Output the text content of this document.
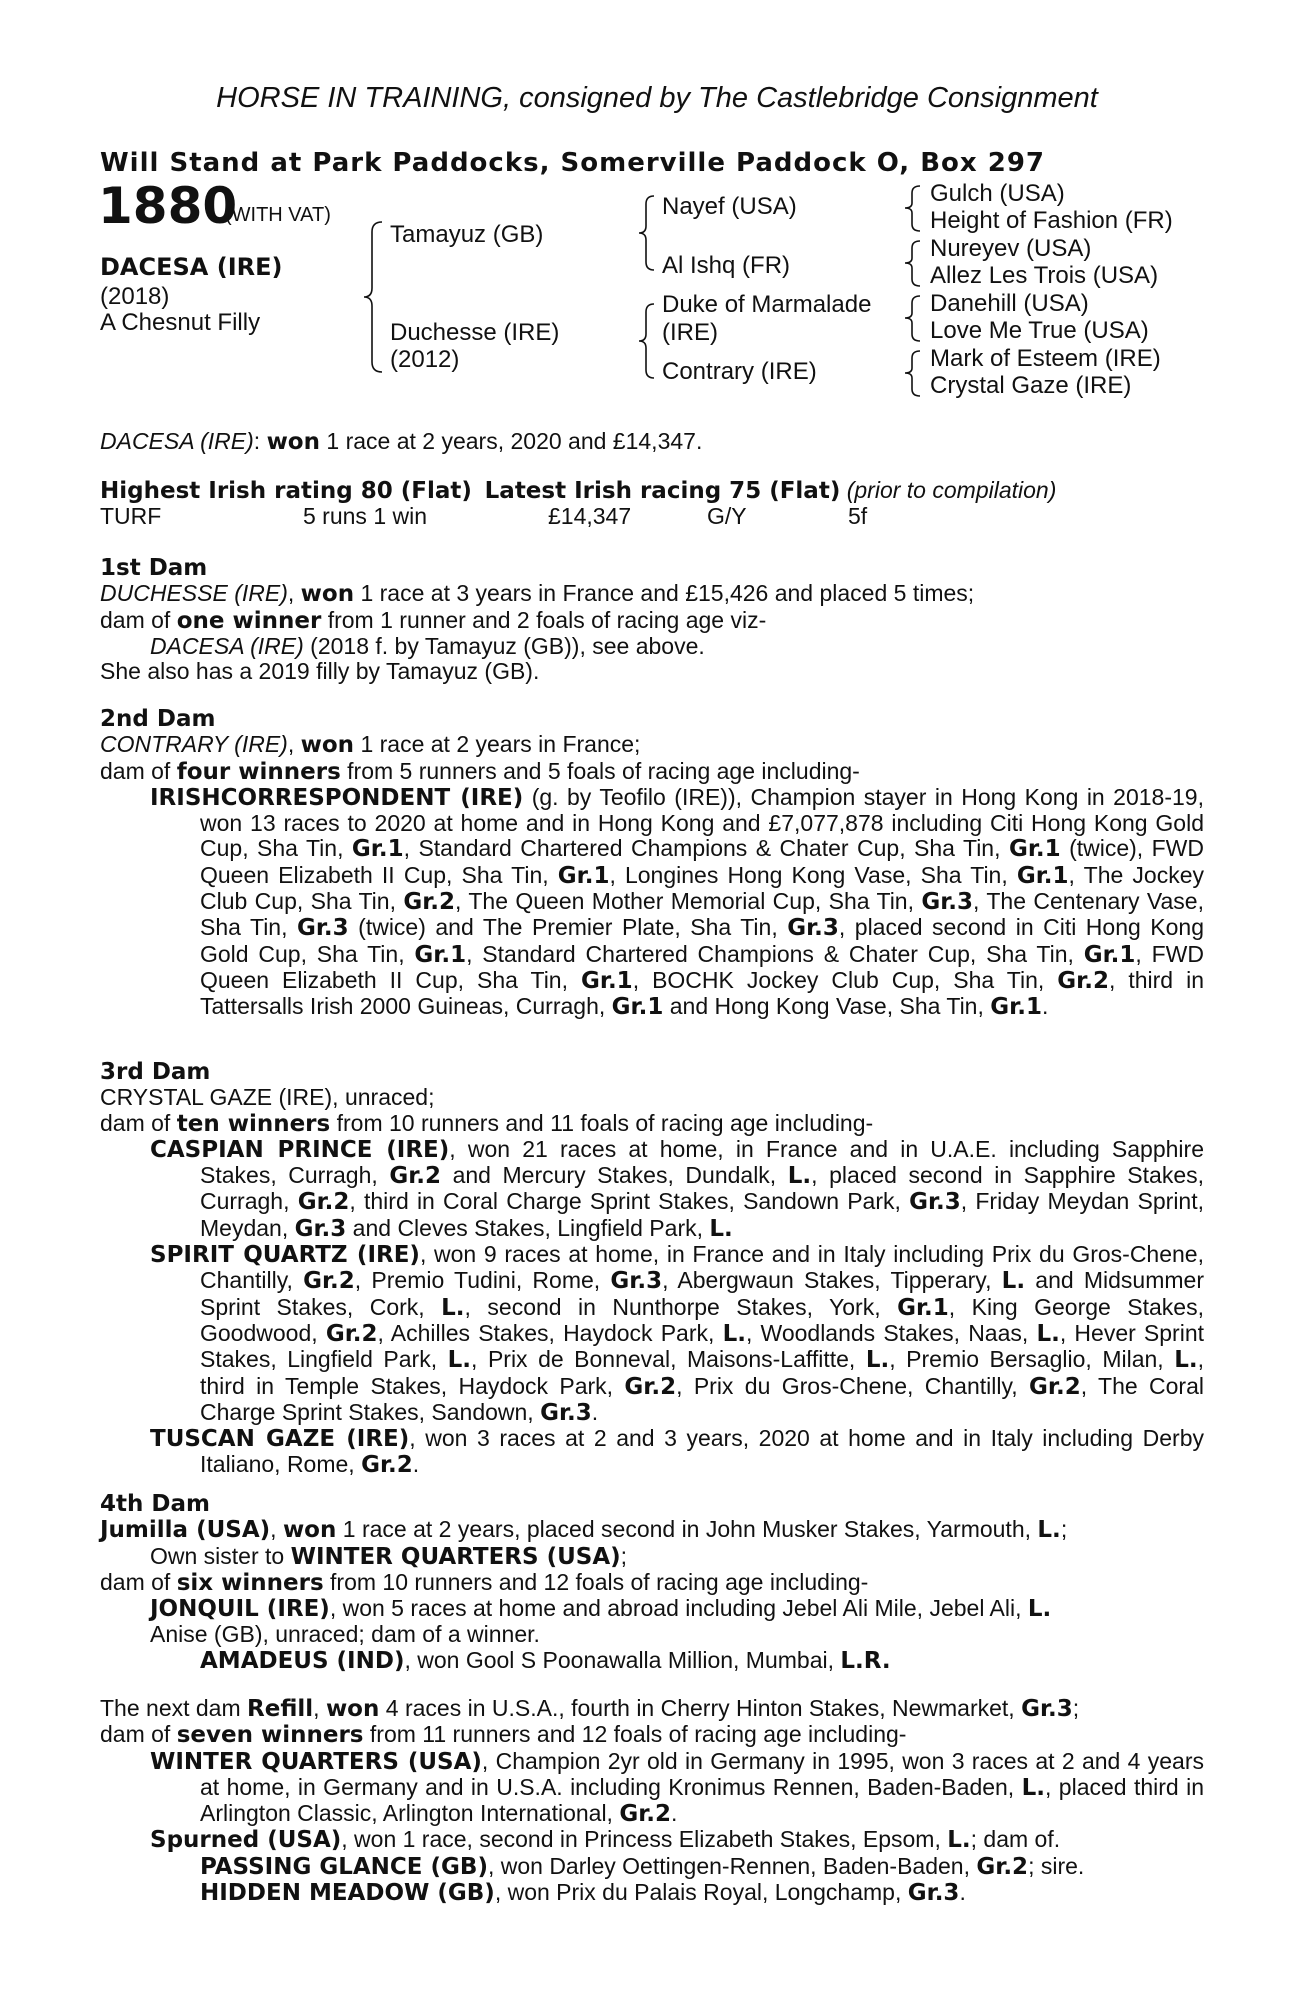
HORSE IN TRAINING, consigned by The Castlebridge Consignment
Will Stand at Park Paddocks, Somerville Paddock O, Box 297
1880
(WITH VAT)
DACESA (IRE)
(2018)
A Chesnut Filly
Tamayuz (GB)
Duchesse (IRE)
(2012)
Nayef (USA)
Al Ishq (FR)
Duke of Marmalade
(IRE)
Contrary (IRE)
Gulch (USA)
Height of Fashion (FR)
Nureyev (USA)
Allez Les Trois (USA)
Danehill (USA)
Love Me True (USA)
Mark of Esteem (IRE)
Crystal Gaze (IRE)
DACESA (IRE): won 1 race at 2 years, 2020 and £14,347.
Highest Irish rating 80 (Flat) Latest Irish racing 75 (Flat) (prior to compilation)
TURF	5 runs 1 win	£14,347	G/Y	5f

1st Dam

DUCHESSE (IRE), won 1 race at 3 years in France and £15,426 and placed 5 times;

dam of one winner from 1 runner and 2 foals of racing age viz-

DACESA (IRE) (2018 f. by Tamayuz (GB)), see above.

She also has a 2019 filly by Tamayuz (GB).

2nd Dam

CONTRARY (IRE), won 1 race at 2 years in France;

dam of four winners from 5 runners and 5 foals of racing age including-

IRISHCORRESPONDENT (IRE) (g. by Teofilo (IRE)), Champion stayer in Hong Kong in 2018-19, won 13 races to 2020 at home and in Hong Kong and £7,077,878 including Citi Hong Kong Gold Cup, Sha Tin, Gr.1, Standard Chartered Champions & Chater Cup, Sha Tin, Gr.1 (twice), FWD Queen Elizabeth II Cup, Sha Tin, Gr.1, Longines Hong Kong Vase, Sha Tin, Gr.1, The Jockey Club Cup, Sha Tin, Gr.2, The Queen Mother Memorial Cup, Sha Tin, Gr.3, The Centenary Vase, Sha Tin, Gr.3 (twice) and The Premier Plate, Sha Tin, Gr.3, placed second in Citi Hong Kong Gold Cup, Sha Tin, Gr.1, Standard Chartered Champions & Chater Cup, Sha Tin, Gr.1, FWD Queen Elizabeth II Cup, Sha Tin, Gr.1, BOCHK Jockey Club Cup, Sha Tin, Gr.2, third in Tattersalls Irish 2000 Guineas, Curragh, Gr.1 and Hong Kong Vase, Sha Tin, Gr.1.

3rd Dam

CRYSTAL GAZE (IRE), unraced;

dam of ten winners from 10 runners and 11 foals of racing age including-

CASPIAN PRINCE (IRE), won 21 races at home, in France and in U.A.E. including Sapphire Stakes, Curragh, Gr.2 and Mercury Stakes, Dundalk, L., placed second in Sapphire Stakes, Curragh, Gr.2, third in Coral Charge Sprint Stakes, Sandown Park, Gr.3, Friday Meydan Sprint, Meydan, Gr.3 and Cleves Stakes, Lingfield Park, L.

SPIRIT QUARTZ (IRE), won 9 races at home, in France and in Italy including Prix du Gros-Chene, Chantilly, Gr.2, Premio Tudini, Rome, Gr.3, Abergwaun Stakes, Tipperary, L. and Midsummer Sprint Stakes, Cork, L., second in Nunthorpe Stakes, York, Gr.1, King George Stakes, Goodwood, Gr.2, Achilles Stakes, Haydock Park, L., Woodlands Stakes, Naas, L., Hever Sprint Stakes, Lingfield Park, L., Prix de Bonneval, Maisons-Laffitte, L., Premio Bersaglio, Milan, L., third in Temple Stakes, Haydock Park, Gr.2, Prix du Gros-Chene, Chantilly, Gr.2, The Coral Charge Sprint Stakes, Sandown, Gr.3.

TUSCAN GAZE (IRE), won 3 races at 2 and 3 years, 2020 at home and in Italy including Derby Italiano, Rome, Gr.2.

4th Dam

Jumilla (USA), won 1 race at 2 years, placed second in John Musker Stakes, Yarmouth, L.;

Own sister to WINTER QUARTERS (USA);

dam of six winners from 10 runners and 12 foals of racing age including-

JONQUIL (IRE), won 5 races at home and abroad including Jebel Ali Mile, Jebel Ali, L.

Anise (GB), unraced; dam of a winner.

AMADEUS (IND), won Gool S Poonawalla Million, Mumbai, L.R.

The next dam Refill, won 4 races in U.S.A., fourth in Cherry Hinton Stakes, Newmarket, Gr.3;

dam of seven winners from 11 runners and 12 foals of racing age including-

WINTER QUARTERS (USA), Champion 2yr old in Germany in 1995, won 3 races at 2 and 4 years at home, in Germany and in U.S.A. including Kronimus Rennen, Baden-Baden, L., placed third in Arlington Classic, Arlington International, Gr.2.

Spurned (USA), won 1 race, second in Princess Elizabeth Stakes, Epsom, L.; dam of.

PASSING GLANCE (GB), won Darley Oettingen-Rennen, Baden-Baden, Gr.2; sire.

HIDDEN MEADOW (GB), won Prix du Palais Royal, Longchamp, Gr.3.
